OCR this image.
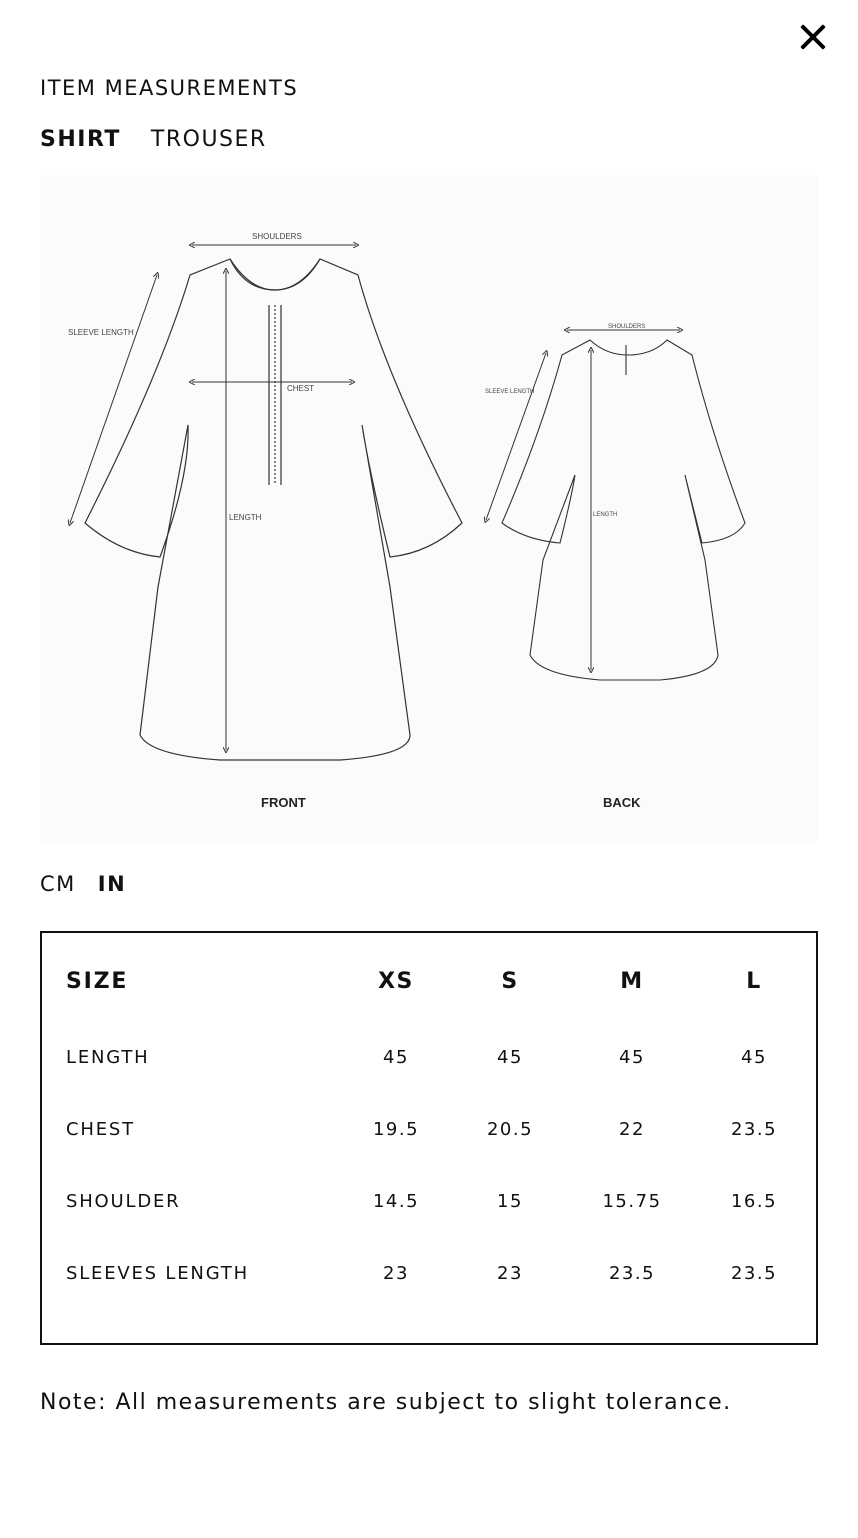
ITEM MEASUREMENTS
SHIRT TROUSER
SHOULDERS
SLEEVE LENGTH
CHEST
LENGTH
SHOULDERS
SLEEVE LENGTH
LENGTH
FRONT	BACK
CM IN
SIZE	XS	S	M	L
LENGTH	45	45	45	45
CHEST	19.5	20.5	22	23.5
SHOULDER	14.5	15	15.75	16.5
SLEEVES LENGTH	23	23	23.5	23.5
Note: All measurements are subject to slight tolerance.
